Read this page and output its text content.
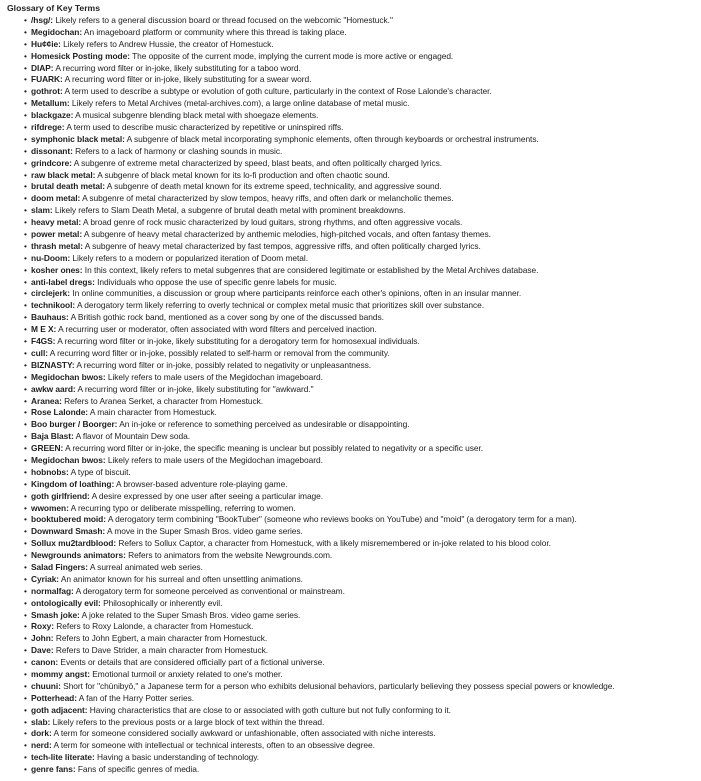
Glossary of Key Terms
• /hsg/: Likely refers to a general discussion board or thread focused on the webcomic "Homestuck."
• Megidochan: An imageboard platform or community where this thread is taking place.
• Hu¢¢ie: Likely refers to Andrew Hussie, the creator of Homestuck.
• Homesick Posting mode: The opposite of the current mode, implying the current mode is more active or engaged.
• DIAP: A recurring word filter or in-joke, likely substituting for a taboo word.
• FUARK: A recurring word filter or in-joke, likely substituting for a swear word.
• gothrot: A term used to describe a subtype or evolution of goth culture, particularly in the context of Rose Lalonde's character.
• Metallum: Likely refers to Metal Archives (metal-archives.com), a large online database of metal music.
• blackgaze: A musical subgenre blending black metal with shoegaze elements.
• rifdrege: A term used to describe music characterized by repetitive or uninspired riffs.
• symphonic black metal: A subgenre of black metal incorporating symphonic elements, often through keyboards or orchestral instruments.
• dissonant: Refers to a lack of harmony or clashing sounds in music.
• grindcore: A subgenre of extreme metal characterized by speed, blast beats, and often politically charged lyrics.
• raw black metal: A subgenre of black metal known for its lo-fi production and often chaotic sound.
• brutal death metal: A subgenre of death metal known for its extreme speed, technicality, and aggressive sound.
• doom metal: A subgenre of metal characterized by slow tempos, heavy riffs, and often dark or melancholic themes.
• slam: Likely refers to Slam Death Metal, a subgenre of brutal death metal with prominent breakdowns.
• heavy metal: A broad genre of rock music characterized by loud guitars, strong rhythms, and often aggressive vocals.
• power metal: A subgenre of heavy metal characterized by anthemic melodies, high-pitched vocals, and often fantasy themes.
• thrash metal: A subgenre of heavy metal characterized by fast tempos, aggressive riffs, and often politically charged lyrics.
• nu-Doom: Likely refers to a modern or popularized iteration of Doom metal.
• kosher ones: In this context, likely refers to metal subgenres that are considered legitimate or established by the Metal Archives database.
• anti-label dregs: Individuals who oppose the use of specific genre labels for music.
• circlejerk: In online communities, a discussion or group where participants reinforce each other's opinions, often in an insular manner.
• technikool: A derogatory term likely referring to overly technical or complex metal music that prioritizes skill over substance.
• Bauhaus: A British gothic rock band, mentioned as a cover song by one of the discussed bands.
• M E X: A recurring user or moderator, often associated with word filters and perceived inaction.
• F4GS: A recurring word filter or in-joke, likely substituting for a derogatory term for homosexual individuals.
• cull: A recurring word filter or in-joke, possibly related to self-harm or removal from the community.
• BIZNASTY: A recurring word filter or in-joke, possibly related to negativity or unpleasantness.
• Megidochan bwos: Likely refers to male users of the Megidochan imageboard.
• awkw aard: A recurring word filter or in-joke, likely substituting for "awkward."
• Aranea: Refers to Aranea Serket, a character from Homestuck.
• Rose Lalonde: A main character from Homestuck.
• Boo burger / Boorger: An in-joke or reference to something perceived as undesirable or disappointing.
• Baja Blast: A flavor of Mountain Dew soda.
• GREEN: A recurring word filter or in-joke, the specific meaning is unclear but possibly related to negativity or a specific user.
• Megidochan bwos: Likely refers to male users of the Megidochan imageboard.
• hobnobs: A type of biscuit.
• Kingdom of loathing: A browser-based adventure role-playing game.
• goth girlfriend: A desire expressed by one user after seeing a particular image.
• wwomen: A recurring typo or deliberate misspelling, referring to women.
• booktubered moid: A derogatory term combining "BookTuber" (someone who reviews books on YouTube) and "moid" (a derogatory term for a man).
• Downward Smash: A move in the Super Smash Bros. video game series.
• Sollux mu2tardblood: Refers to Sollux Captor, a character from Homestuck, with a likely misremembered or in-joke related to his blood color.
• Newgrounds animators: Refers to animators from the website Newgrounds.com.
• Salad Fingers: A surreal animated web series.
• Cyriak: An animator known for his surreal and often unsettling animations.
• normalfag: A derogatory term for someone perceived as conventional or mainstream.
• ontologically evil: Philosophically or inherently evil.
• Smash joke: A joke related to the Super Smash Bros. video game series.
• Roxy: Refers to Roxy Lalonde, a character from Homestuck.
• John: Refers to John Egbert, a main character from Homestuck.
• Dave: Refers to Dave Strider, a main character from Homestuck.
• canon: Events or details that are considered officially part of a fictional universe.
• mommy angst: Emotional turmoil or anxiety related to one's mother.
• chuuni: Short for "chūnibyō," a Japanese term for a person who exhibits delusional behaviors, particularly believing they possess special powers or knowledge.
• Potterhead: A fan of the Harry Potter series.
• goth adjacent: Having characteristics that are close to or associated with goth culture but not fully conforming to it.
• slab: Likely refers to the previous posts or a large block of text within the thread.
• dork: A term for someone considered socially awkward or unfashionable, often associated with niche interests.
• nerd: A term for someone with intellectual or technical interests, often to an obsessive degree.
• tech-lite literate: Having a basic understanding of technology.
• genre fans: Fans of specific genres of media.
